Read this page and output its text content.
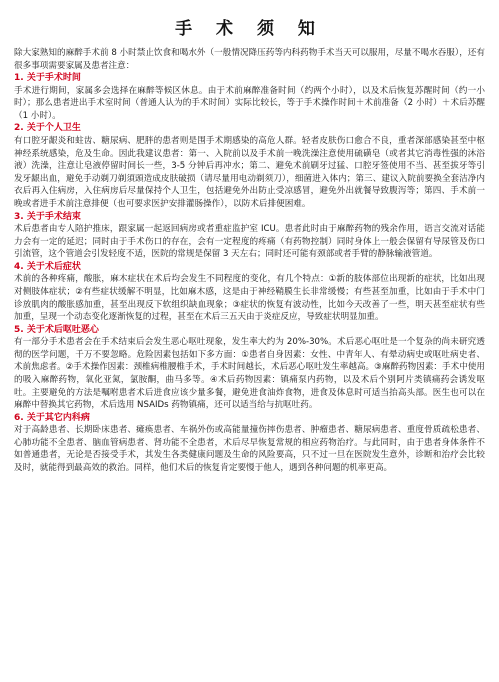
手 术 须 知

除大家熟知的麻醉手术前 8 小时禁止饮食和喝水外（一般情况降压药等内科药物手术当天可以服用，尽量不喝水吞服），还有很多事项需要家属及患者注意：

1. 关于手术时间

手术进行期间，家属多会选择在麻醉等候区休息。由于术前麻醉准备时间（约两个小时），以及术后恢复苏醒时间（约一小时）；那么患者进出手术室时间（普通人认为的手术时间）实际比较长，等于手术操作时间＋术前准备（2 小时）＋术后苏醒（1 小时）。

2. 关于个人卫生

有口腔牙龈炎和蛀齿、糖尿病、肥胖的患者则是围手术期感染的高危人群。轻者皮肤伤口愈合不良，重者深部感染甚至中枢神经系统感染，危及生命。因此我建议患者：第一、入院前以及手术前一晚洗澡注意使用硫磺皂（或者其它消毒性强的沐浴液）洗澡，注意让皂液停留时间长一些，3-5 分钟后再冲水；第二、避免术前刷牙过猛、口腔牙签使用不当、甚至拔牙等引发牙龈出血，避免手动剃刀剃須頭造成皮肤破损（请尽量用电动剃须刀），细菌进入体内；第三、建议入院前要换全套洁净内衣后再入住病房，入住病房后尽量保持个人卫生，包括避免外出防止受凉感冒，避免外出就餐导致腹泻等；第四、手术前一晚或者进手术前注意排便（也可要求医护安排灌肠操作），以防术后排便困难。

3. 关于手术结束

术后患者由专人陪护推床，跟家属一起返回病房或者重症监护室 ICU。患者此时由于麻醉药物的残余作用，语言交流对话能力会有一定的延迟；同时由于手术伤口的存在，会有一定程度的疼痛（有药物控制）同时身体上一般会保留有导尿管及伤口引流管，这个管道会引发轻度不适，医院的常规是保留 3 天左右；同时还可能有颈部或者手臂的静脉输液管道。

4. 关于术后症状

术前的各种疼痛，酸胀，麻木症状在术后均会发生不同程度的变化，有几个特点：①新的肢体部位出现新的症状，比如出现对侧肢体症状；②有些症状缓解不明显，比如麻木感，这是由于神经鞘膜生长非常缓慢；有些甚至加重，比如由于手术中门诊放肌肉的酸胀感加重，甚至出现反下软组织缺血现象；③症状的恢复有波动性，比如今天改善了一些，明天甚至症状有些加重，呈现一个动态变化逐渐恢复的过程，甚至在术后三五天由于炎症反应，导致症状明显加重。

5. 关于术后呕吐恶心

有一部分手术患者会在手术结束后会发生恶心呕吐现象，发生率大约为 20%-30%。术后恶心呕吐是一个复杂的尚未研究透彻的医学问题，千万不要忽略。危险因素包括如下多方面：①患者自身因素：女性、中青年人、有晕动病史或呕吐病史者、术前焦虑者。②手术操作因素：颈椎病椎腰椎手术，手术时间越长，术后恶心呕吐发生率越高。③麻醉药物因素：手术中使用的吸入麻醉药物，氧化亚氮，氯胺酮，曲马多等。④术后药物因素：镇痛泵内药物，以及术后个别阿片类镇痛药会诱发呕吐。主要避免的方法是嘱咐患者术后进食应该少量多餐，避免进食油炸食物，进食及体息时可适当抬高头部。医生也可以在麻醉中替换其它药物，术后选用 NSAIDs 药物镇痛，还可以适当给与抗呕吐药。

6. 关于其它内科病

对于高龄患者、长期卧床患者、瘫痪患者、车祸外伤或高能量撞伤摔伤患者、肿瘤患者、糖尿病患者、重度骨质疏松患者、心肺功能不全患者、脑血管病患者、肾功能不全患者，术后尽早恢复常规的相应药物治疗。与此同时，由于患者身体条件不如普通患者，无论是否接受手术，其发生各类健康问题及生命的风险要高，只不过一旦在医院发生意外，诊断和治疗会比较及时，就能得到最高效的救治。同样，他们术后的恢复肯定要慢于他人，遇到各种问题的机率更高。
